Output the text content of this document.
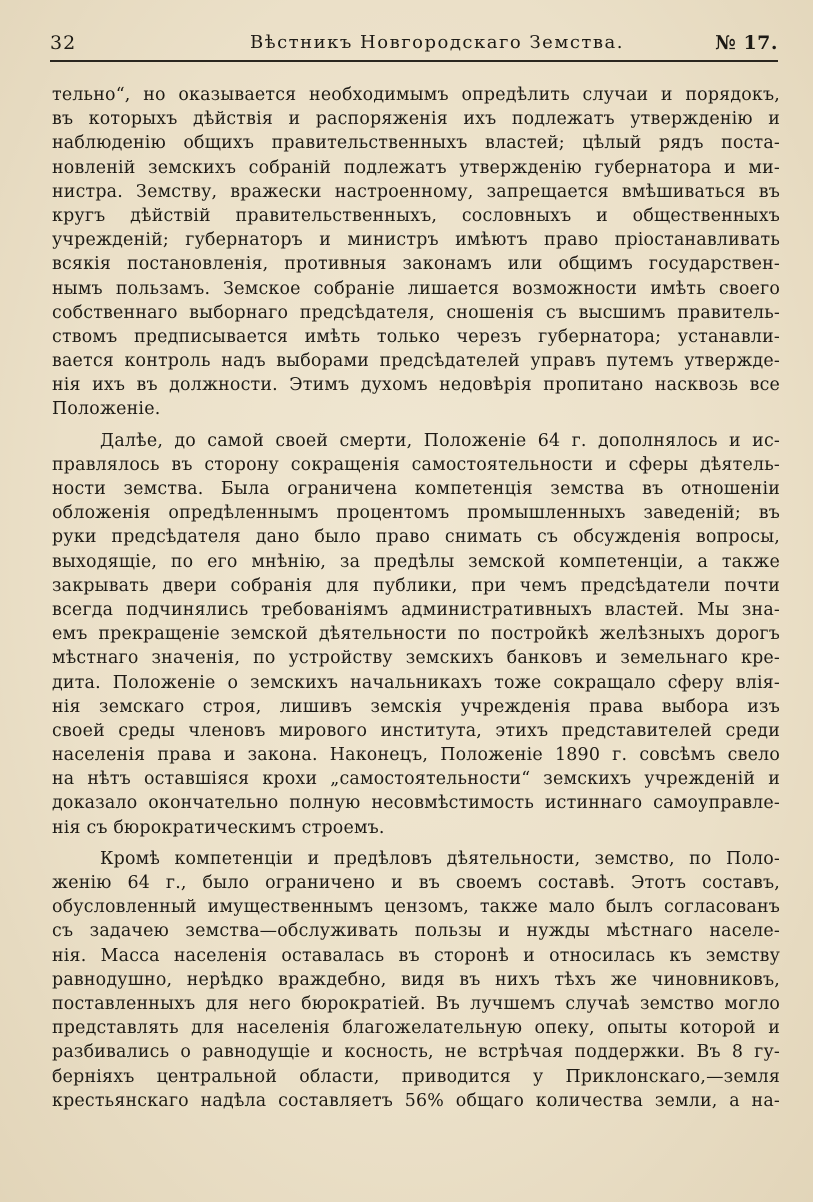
32	Вѣстникъ Новгородскаго Земства.	№ 17.
тельно“, но оказывается необходимымъ опредѣлить случаи и порядокъ,
въ которыхъ дѣйствія и распоряженія ихъ подлежатъ утвержденію и
наблюденію общихъ правительственныхъ властей; цѣлый рядъ поста-
новленій земскихъ собраній подлежатъ утвержденію губернатора и ми-
нистра. Земству, вражески настроенному, запрещается вмѣшиваться въ
кругъ дѣйствій правительственныхъ, сословныхъ и общественныхъ
учрежденій; губернаторъ и министръ имѣютъ право пріостанавливать
всякія постановленія, противныя законамъ или общимъ государствен-
нымъ пользамъ. Земское собраніе лишается возможности имѣть своего
собственнаго выборнаго предсѣдателя, сношенія съ высшимъ правитель-
ствомъ предписывается имѣть только черезъ губернатора; устанавли-
вается контроль надъ выборами предсѣдателей управъ путемъ утвержде-
нія ихъ въ должности. Этимъ духомъ недовѣрія пропитано насквозь все
Положеніе.
Далѣе, до самой своей смерти, Положеніе 64 г. дополнялось и ис-
правлялось въ сторону сокращенія самостоятельности и сферы дѣятель-
ности земства. Была ограничена компетенція земства въ отношеніи
обложенія опредѣленнымъ процентомъ промышленныхъ заведеній; въ
руки предсѣдателя дано было право снимать съ обсужденія вопросы,
выходящіе, по его мнѣнію, за предѣлы земской компетенціи, а также
закрывать двери собранія для публики, при чемъ предсѣдатели почти
всегда подчинялись требованіямъ административныхъ властей. Мы зна-
емъ прекращеніе земской дѣятельности по постройкѣ желѣзныхъ дорогъ
мѣстнаго значенія, по устройству земскихъ банковъ и земельнаго кре-
дита. Положеніе о земскихъ начальникахъ тоже сокращало сферу влія-
нія земскаго строя, лишивъ земскія учрежденія права выбора изъ
своей среды членовъ мирового института, этихъ представителей среди
населенія права и закона. Наконецъ, Положеніе 1890 г. совсѣмъ свело
на нѣтъ оставшіяся крохи „самостоятельности“ земскихъ учрежденій и
доказало окончательно полную несовмѣстимость истиннаго самоуправле-
нія съ бюрократическимъ строемъ.
Кромѣ компетенціи и предѣловъ дѣятельности, земство, по Поло-
женію 64 г., было ограничено и въ своемъ составѣ. Этотъ составъ,
обусловленный имущественнымъ цензомъ, также мало былъ согласованъ
съ задачею земства—обслуживать пользы и нужды мѣстнаго населе-
нія. Масса населенія оставалась въ сторонѣ и относилась къ земству
равнодушно, нерѣдко враждебно, видя въ нихъ тѣхъ же чиновниковъ,
поставленныхъ для него бюрократіей. Въ лучшемъ случаѣ земство могло
представлять для населенія благожелательную опеку, опыты которой и
разбивались о равнодущіе и косность, не встрѣчая поддержки. Въ 8 гу-
берніяхъ центральной области, приводится у Приклонскаго,—земля
крестьянскаго надѣла составляетъ 56% общаго количества земли, а на-
